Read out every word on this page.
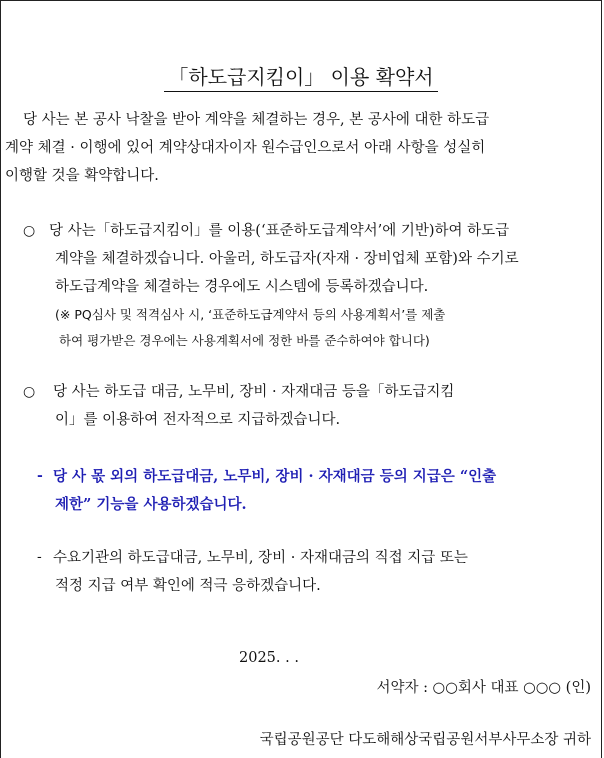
「하도급지킴이」 이용 확약서
당 사는 본 공사 낙찰을 받아 계약을 체결하는 경우, 본 공사에 대한 하도급
계약 체결 · 이행에 있어 계약상대자이자 원수급인으로서 아래 사항을 성실히
이행할 것을 확약합니다.
○ 당 사는「하도급지킴이」를 이용(‘표준하도급계약서’에 기반)하여 하도급
계약을 체결하겠습니다. 아울러, 하도급자(자재 · 장비업체 포함)와 수기로
하도급계약을 체결하는 경우에도 시스템에 등록하겠습니다.
(※ PQ심사 및 적격심사 시, ‘표준하도급계약서 등의 사용계획서’를 제출
하여 평가받은 경우에는 사용계획서에 정한 바를 준수하여야 합니다)
○ 당 사는 하도급 대금, 노무비, 장비 · 자재대금 등을「하도급지킴
이」를 이용하여 전자적으로 지급하겠습니다.
- 당 사 몫 외의 하도급대금, 노무비, 장비 · 자재대금 등의 지급은 “인출
제한” 기능을 사용하겠습니다.
- 수요기관의 하도급대금, 노무비, 장비 · 자재대금의 직접 지급 또는
적정 지급 여부 확인에 적극 응하겠습니다.
2025. . .
서약자 : ○○회사 대표 ○○○ (인)
국립공원공단 다도해해상국립공원서부사무소장 귀하
